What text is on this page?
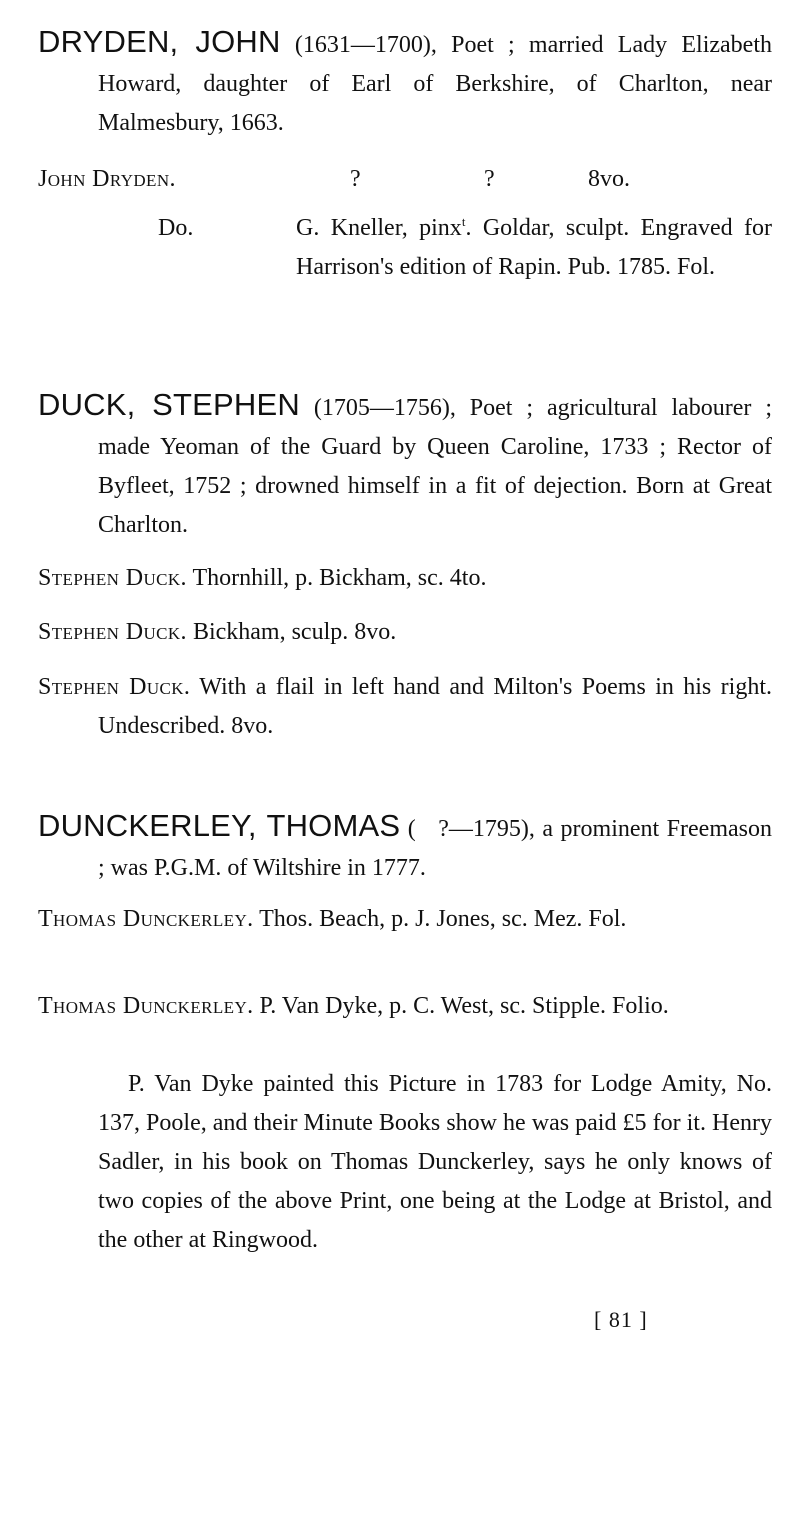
DRYDEN, JOHN (1631—1700), Poet ; married Lady Elizabeth Howard, daughter of Earl of Berkshire, of Charlton, near Malmesbury, 1663.

John Dryden.	?	?	8vo.
Do.	G. Kneller, pinx$^t$. Goldar, sculpt. Engraved for Harrison's edition of Rapin. Pub. 1785. Fol.

DUCK, STEPHEN (1705—1756), Poet ; agricultural labourer ; made Yeoman of the Guard by Queen Caroline, 1733 ; Rector of Byfleet, 1752 ; drowned himself in a fit of dejection. Born at Great Charlton.

Stephen Duck. Thornhill, p. Bickham, sc. 4to.

Stephen Duck. Bickham, sculp. 8vo.

Stephen Duck. With a flail in left hand and Milton's Poems in his right. Undescribed. 8vo.

DUNCKERLEY, THOMAS (   ?—1795), a prominent Freemason ; was P.G.M. of Wiltshire in 1777.

Thomas Dunckerley. Thos. Beach, p. J. Jones, sc. Mez. Fol.

Thomas Dunckerley. P. Van Dyke, p. C. West, sc. Stipple. Folio.

P. Van Dyke painted this Picture in 1783 for Lodge Amity, No. 137, Poole, and their Minute Books show he was paid £5 for it. Henry Sadler, in his book on Thomas Dunckerley, says he only knows of two copies of the above Print, one being at the Lodge at Bristol, and the other at Ringwood.

[ 81 ]
